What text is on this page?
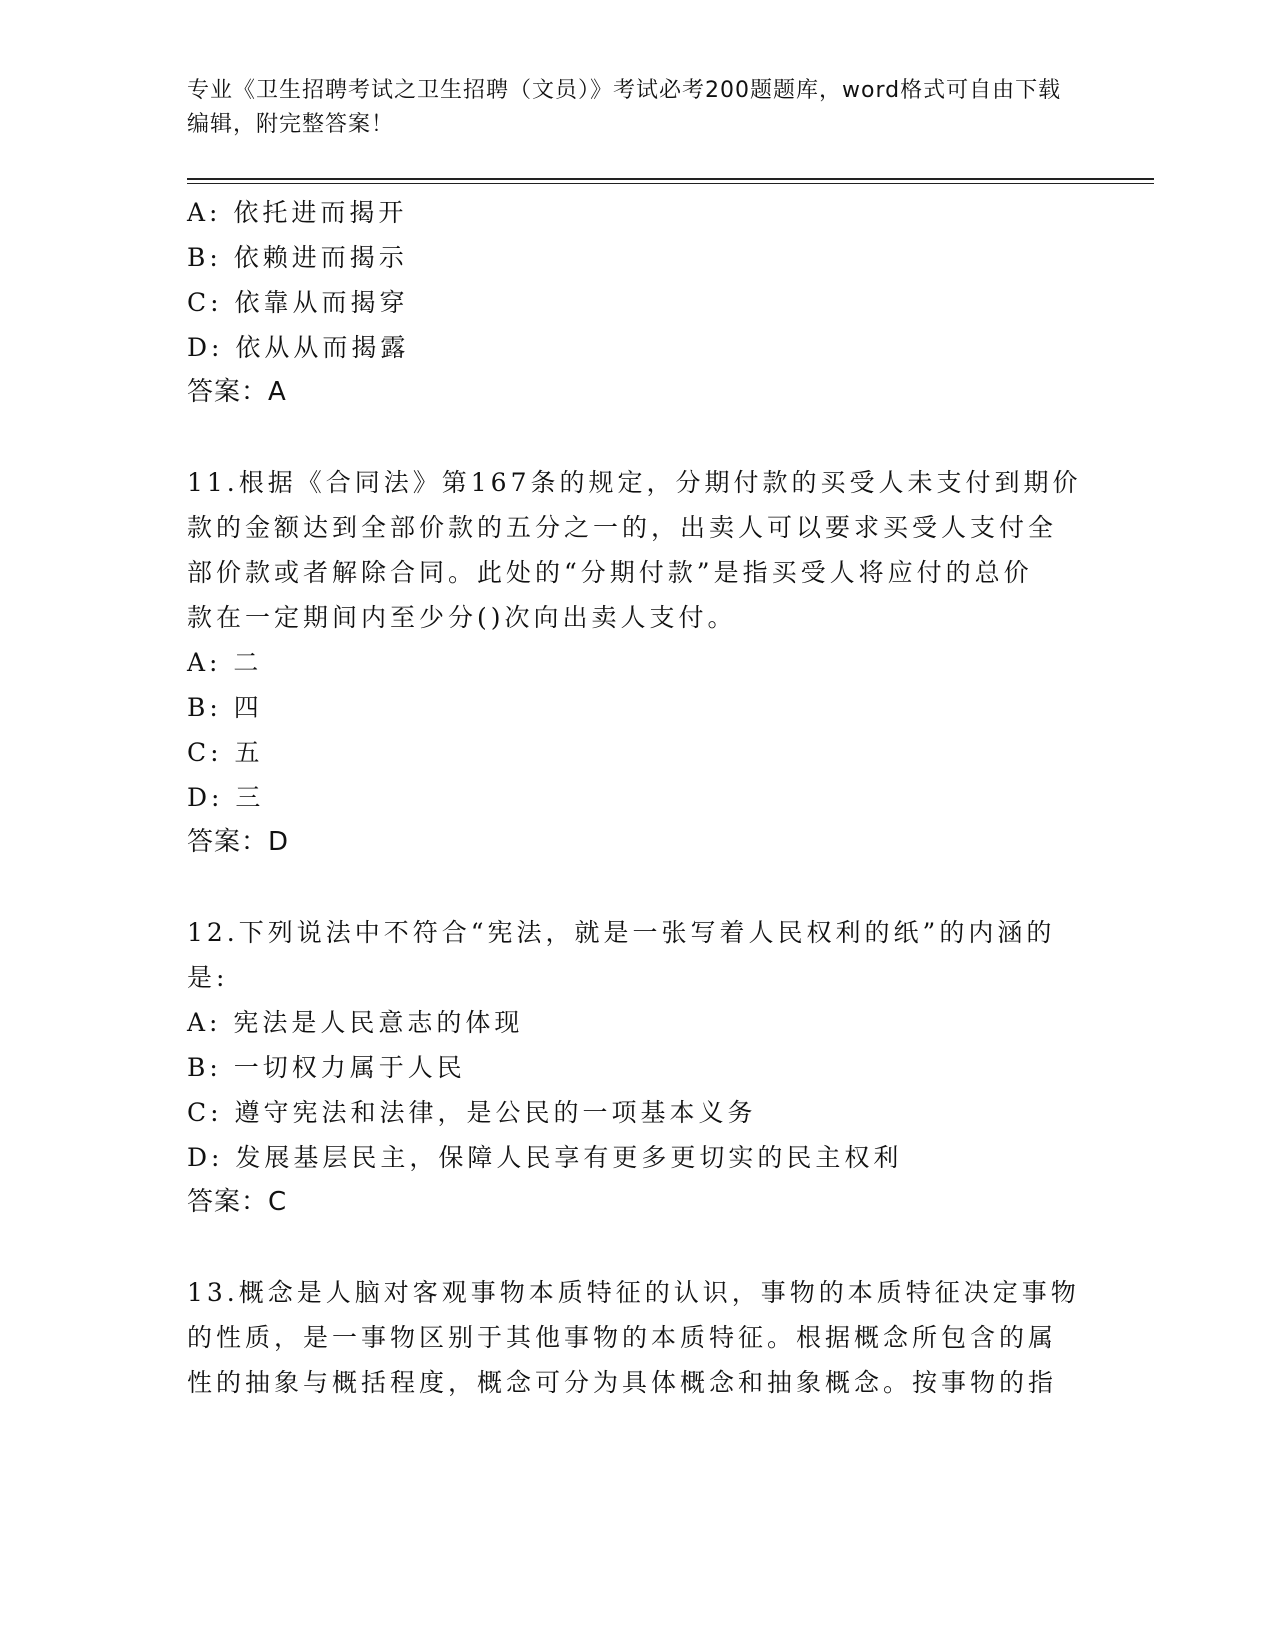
专业《卫生招聘考试之卫生招聘（文员）》考试必考200题题库，word格式可自由下载编辑，附完整答案！
A: 依托进而揭开
B: 依赖进而揭示
C: 依靠从而揭穿
D: 依从从而揭露
答案：A
11.根据《合同法》第167条的规定，分期付款的买受人未支付到期价
款的金额达到全部价款的五分之一的，出卖人可以要求买受人支付全
部价款或者解除合同。此处的“分期付款”是指买受人将应付的总价
款在一定期间内至少分()次向出卖人支付。
A: 二
B: 四
C: 五
D: 三
答案：D
12.下列说法中不符合“宪法，就是一张写着人民权利的纸”的内涵的
是:
A: 宪法是人民意志的体现
B: 一切权力属于人民
C: 遵守宪法和法律，是公民的一项基本义务
D: 发展基层民主，保障人民享有更多更切实的民主权利
答案：C
13.概念是人脑对客观事物本质特征的认识，事物的本质特征决定事物
的性质，是一事物区别于其他事物的本质特征。根据概念所包含的属
性的抽象与概括程度，概念可分为具体概念和抽象概念。按事物的指
